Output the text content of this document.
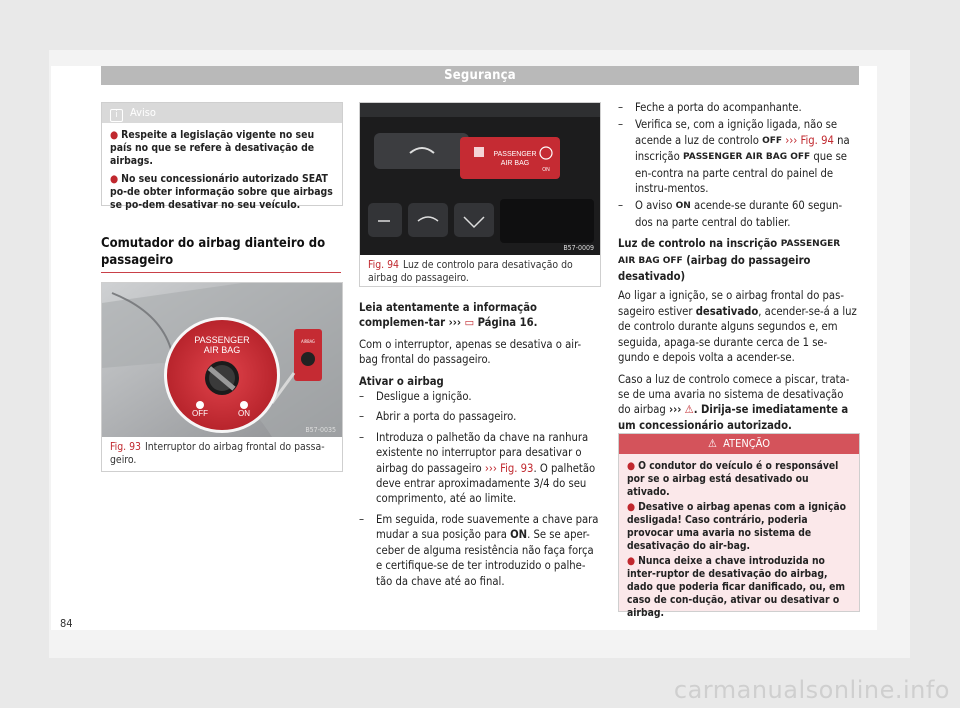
Segurança
i Aviso

● Respeite a legislação vigente no seu país no que se refere à desativação de airbags.

● No seu concessionário autorizado SEAT po-de obter informação sobre que airbags se po-dem desativar no seu veículo.

Comutador do airbag dianteiro do passageiro
AIRBAG
PASSENGER
AIR BAG
OFF	ON
B57-0035
Fig. 93 Interruptor do airbag frontal do passa-geiro.
PASSENGER
AIR BAG
ON
B57-0009
Fig. 94 Luz de controlo para desativação do airbag do passageiro.

Leia atentamente a informação complemen-tar ››› ▭ Página 16.

Com o interruptor, apenas se desativa o air-bag frontal do passageiro.

Ativar o airbag

– Desligue a ignição.
– Abrir a porta do passageiro.
– Introduza o palhetão da chave na ranhura existente no interruptor para desativar o airbag do passageiro ››› Fig. 93. O palhetão deve entrar aproximadamente 3/4 do seu comprimento, até ao limite.
– Em seguida, rode suavemente a chave para mudar a sua posição para ON. Se se aper-ceber de alguma resistência não faça força e certifique-se de ter introduzido o palhe-tão da chave até ao final.
– Feche a porta do acompanhante.
– Verifica se, com a ignição ligada, não se acende a luz de controlo OFF ››› Fig. 94 na inscrição PASSENGER AIR BAG OFF que se en-contra na parte central do painel de instru-mentos.
– O aviso ON acende-se durante 60 segun-dos na parte central do tablier.

Luz de controlo na inscrição PASSENGER AIR BAG OFF (airbag do passageiro desativado)

Ao ligar a ignição, se o airbag frontal do pas-sageiro estiver desativado, acender-se-á a luz de controlo durante alguns segundos e, em seguida, apaga-se durante cerca de 1 se-gundo e depois volta a acender-se.

Caso a luz de controlo comece a piscar, trata-se de uma avaria no sistema de desativação do airbag ››› ⚠. Dirija-se imediatamente a um concessionário autorizado.

⚠ ATENÇÃO

● O condutor do veículo é o responsável por se o airbag está desativado ou ativado.

● Desative o airbag apenas com a ignição desligada! Caso contrário, poderia provocar uma avaria no sistema de desativação do air-bag.

● Nunca deixe a chave introduzida no inter-ruptor de desativação do airbag, dado que poderia ficar danificado, ou, em caso de con-dução, ativar ou desativar o airbag.

84
carmanualsonline.info
